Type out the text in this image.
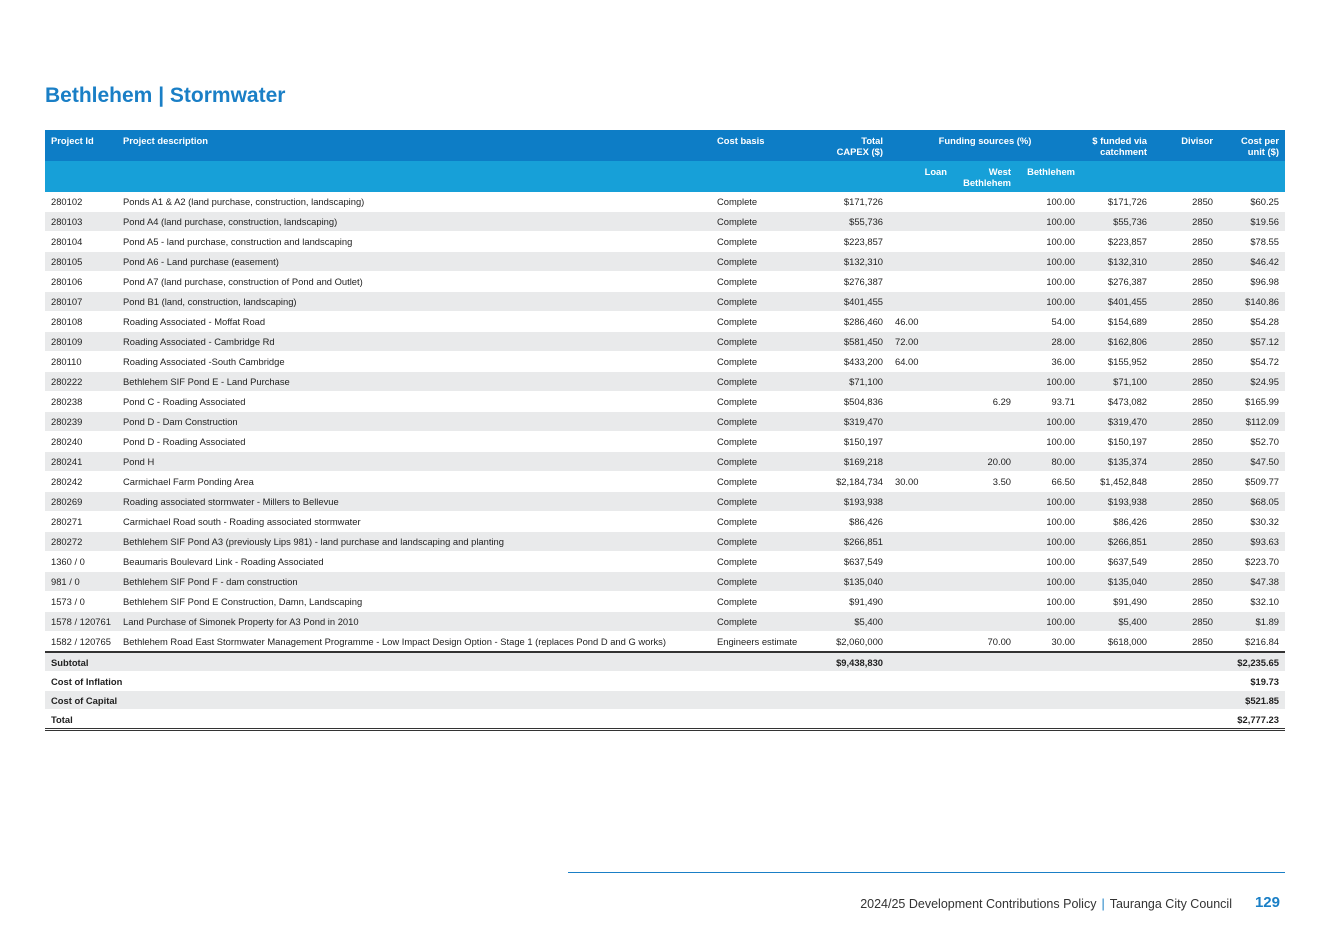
Bethlehem | Stormwater
Project Id	Project description	Cost basis	Total CAPEX ($)	Funding sources (%)			$ funded via catchment	Divisor	Cost per unit ($)
				Loan	West Bethlehem	Bethlehem			
280102	Ponds A1 & A2 (land purchase, construction, landscaping)	Complete	$171,726			100.00	$171,726	2850	$60.25
280103	Pond A4 (land purchase, construction, landscaping)	Complete	$55,736			100.00	$55,736	2850	$19.56
280104	Pond A5 - land purchase, construction and landscaping	Complete	$223,857			100.00	$223,857	2850	$78.55
280105	Pond A6 - Land purchase (easement)	Complete	$132,310			100.00	$132,310	2850	$46.42
280106	Pond A7 (land purchase, construction of Pond and Outlet)	Complete	$276,387			100.00	$276,387	2850	$96.98
280107	Pond B1 (land, construction, landscaping)	Complete	$401,455			100.00	$401,455	2850	$140.86
280108	Roading Associated - Moffat Road	Complete	$286,460	46.00		54.00	$154,689	2850	$54.28
280109	Roading Associated - Cambridge Rd	Complete	$581,450	72.00		28.00	$162,806	2850	$57.12
280110	Roading Associated -South Cambridge	Complete	$433,200	64.00		36.00	$155,952	2850	$54.72
280222	Bethlehem SIF Pond E - Land Purchase	Complete	$71,100			100.00	$71,100	2850	$24.95
280238	Pond C - Roading Associated	Complete	$504,836		6.29	93.71	$473,082	2850	$165.99
280239	Pond D - Dam Construction	Complete	$319,470			100.00	$319,470	2850	$112.09
280240	Pond D - Roading Associated	Complete	$150,197			100.00	$150,197	2850	$52.70
280241	Pond H	Complete	$169,218		20.00	80.00	$135,374	2850	$47.50
280242	Carmichael Farm Ponding Area	Complete	$2,184,734	30.00	3.50	66.50	$1,452,848	2850	$509.77
280269	Roading associated stormwater - Millers to Bellevue	Complete	$193,938			100.00	$193,938	2850	$68.05
280271	Carmichael Road south - Roading associated stormwater	Complete	$86,426			100.00	$86,426	2850	$30.32
280272	Bethlehem SIF Pond A3 (previously Lips 981) - land purchase and landscaping and planting	Complete	$266,851			100.00	$266,851	2850	$93.63
1360 / 0	Beaumaris Boulevard Link - Roading Associated	Complete	$637,549			100.00	$637,549	2850	$223.70
981 / 0	Bethlehem SIF Pond F - dam construction	Complete	$135,040			100.00	$135,040	2850	$47.38
1573 / 0	Bethlehem SIF Pond E Construction, Damn, Landscaping	Complete	$91,490			100.00	$91,490	2850	$32.10
1578 / 120761	Land Purchase of Simonek Property for A3 Pond in 2010	Complete	$5,400			100.00	$5,400	2850	$1.89
1582 / 120765	Bethlehem Road East Stormwater Management Programme - Low Impact Design Option - Stage 1 (replaces Pond D and G works)	Engineers estimate	$2,060,000		70.00	30.00	$618,000	2850	$216.84
Subtotal			$9,438,830						$2,235.65
Cost of Inflation									$19.73
Cost of Capital									$521.85
Total									$2,777.23
2024/25 Development Contributions Policy | Tauranga City Council 129
